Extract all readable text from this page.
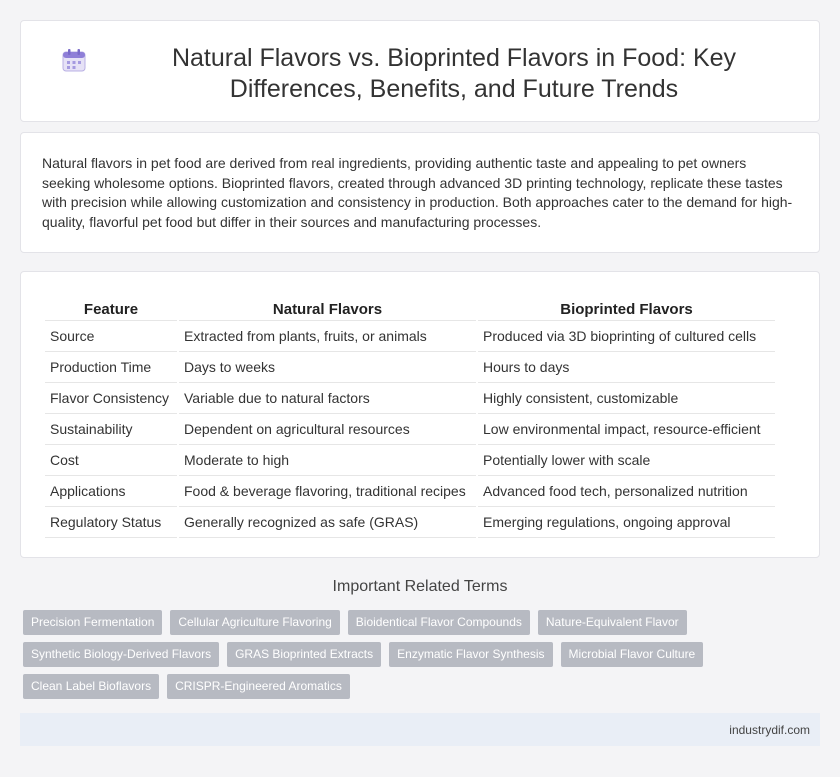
Natural Flavors vs. Bioprinted Flavors in Food: Key Differences, Benefits, and Future Trends

Natural flavors in pet food are derived from real ingredients, providing authentic taste and appealing to pet owners seeking wholesome options. Bioprinted flavors, created through advanced 3D printing technology, replicate these tastes with precision while allowing customization and consistency in production. Both approaches cater to the demand for high-quality, flavorful pet food but differ in their sources and manufacturing processes.

Feature	Natural Flavors	Bioprinted Flavors
Source	Extracted from plants, fruits, or animals	Produced via 3D bioprinting of cultured cells
Production Time	Days to weeks	Hours to days
Flavor Consistency	Variable due to natural factors	Highly consistent, customizable
Sustainability	Dependent on agricultural resources	Low environmental impact, resource-efficient
Cost	Moderate to high	Potentially lower with scale
Applications	Food & beverage flavoring, traditional recipes	Advanced food tech, personalized nutrition
Regulatory Status	Generally recognized as safe (GRAS)	Emerging regulations, ongoing approval
Important Related Terms
Precision Fermentation	Cellular Agriculture Flavoring	Bioidentical Flavor Compounds	Nature-Equivalent Flavor
Synthetic Biology-Derived Flavors	GRAS Bioprinted Extracts	Enzymatic Flavor Synthesis	Microbial Flavor Culture
Clean Label Bioflavors	CRISPR-Engineered Aromatics
industrydif.com
